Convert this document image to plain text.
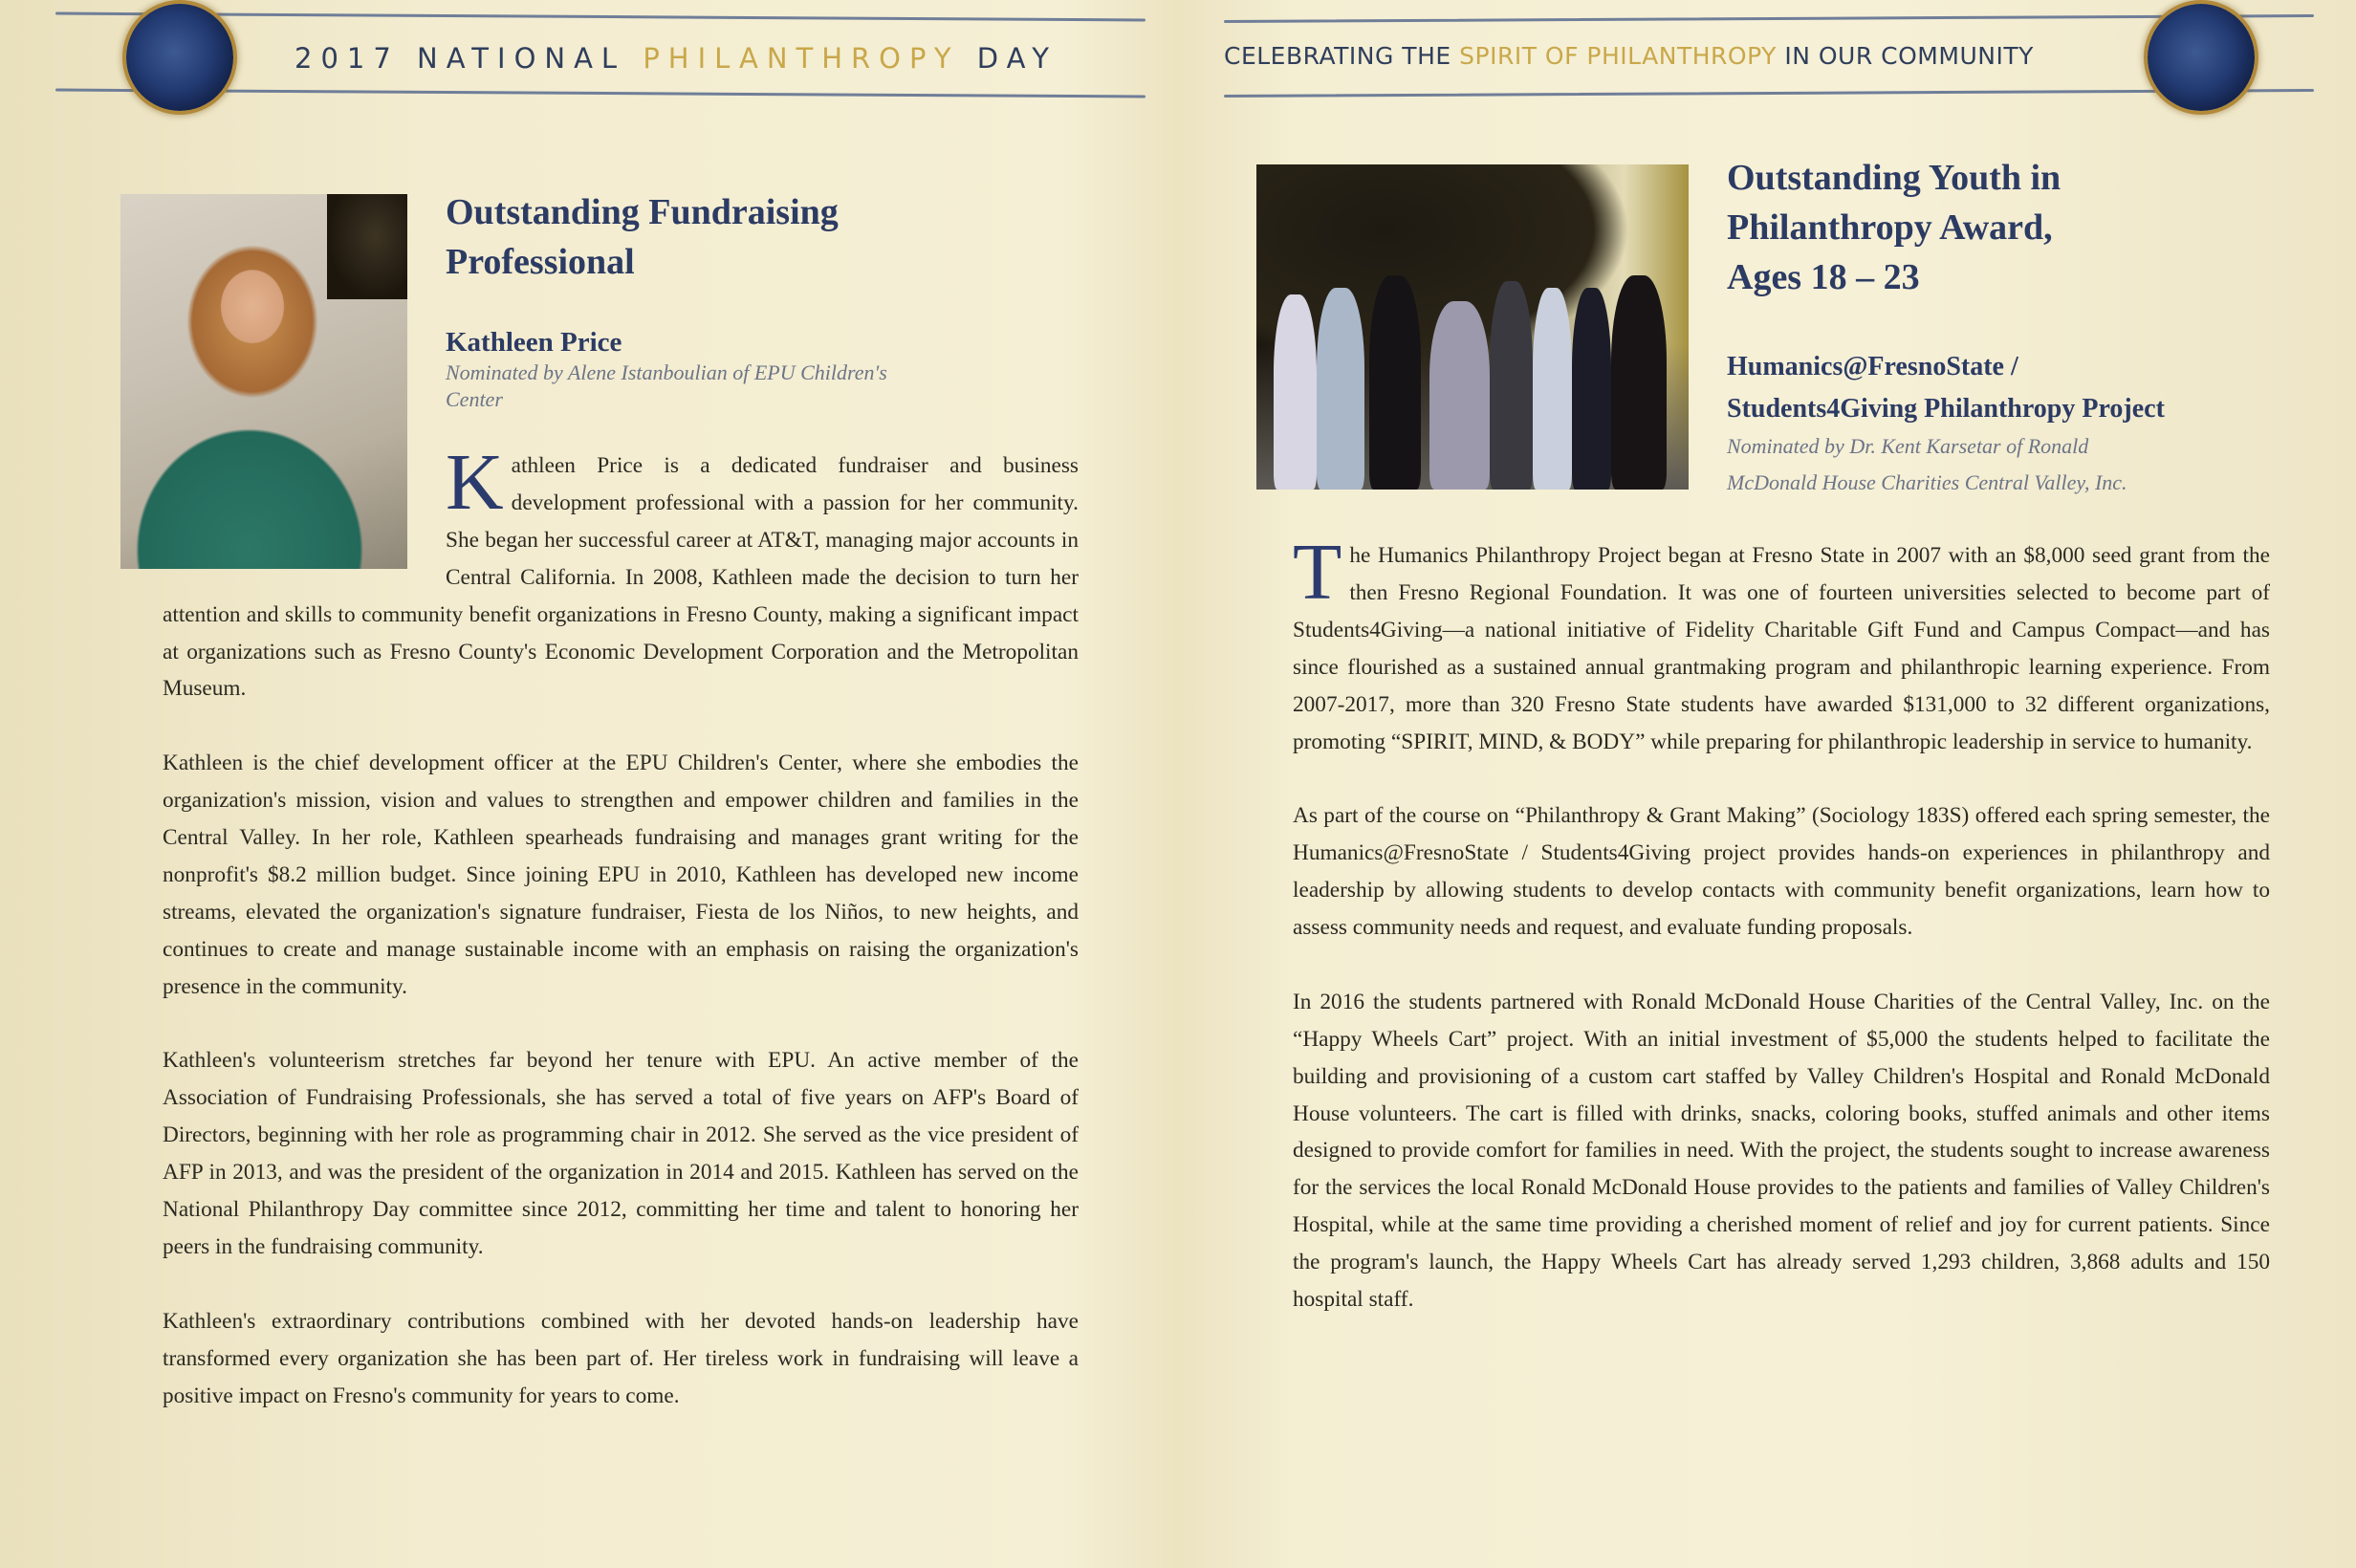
2017 NATIONAL PHILANTHROPY DAY
Outstanding Fundraising
Professional
Kathleen Price
Nominated by Alene Istanboulian of EPU Children's
Center

Kathleen Price is a dedicated fundraiser and business development professional with a passion for her community. She began her successful career at AT&T, managing major accounts in Central California. In 2008, Kathleen made the decision to turn her attention and skills to community benefit organizations in Fresno County, making a significant impact at organizations such as Fresno County's Economic Development Corporation and the Metropolitan Museum.

Kathleen is the chief development officer at the EPU Children's Center, where she embodies the organization's mission, vision and values to strengthen and empower children and families in the Central Valley. In her role, Kathleen spearheads fundraising and manages grant writing for the nonprofit's $8.2 million budget. Since joining EPU in 2010, Kathleen has developed new income streams, elevated the organization's signature fundraiser, Fiesta de los Niños, to new heights, and continues to create and manage sustainable income with an emphasis on raising the organization's presence in the community.

Kathleen's volunteerism stretches far beyond her tenure with EPU. An active member of the Association of Fundraising Professionals, she has served a total of five years on AFP's Board of Directors, beginning with her role as programming chair in 2012. She served as the vice president of AFP in 2013, and was the president of the organization in 2014 and 2015. Kathleen has served on the National Philanthropy Day committee since 2012, committing her time and talent to honoring her peers in the fundraising community.

Kathleen's extraordinary contributions combined with her devoted hands-on leadership have transformed every organization she has been part of. Her tireless work in fundraising will leave a positive impact on Fresno's community for years to come.

CELEBRATING THE SPIRIT OF PHILANTHROPY IN OUR COMMUNITY
Outstanding Youth in
Philanthropy Award,
Ages 18 – 23
Humanics@FresnoState /
Students4Giving Philanthropy Project
Nominated by Dr. Kent Karsetar of Ronald
McDonald House Charities Central Valley, Inc.

The Humanics Philanthropy Project began at Fresno State in 2007 with an $8,000 seed grant from the then Fresno Regional Foundation. It was one of fourteen universities selected to become part of Students4Giving—a national initiative of Fidelity Charitable Gift Fund and Campus Compact—and has since flourished as a sustained annual grantmaking program and philanthropic learning experience. From 2007-2017, more than 320 Fresno State students have awarded $131,000 to 32 different organizations, promoting “SPIRIT, MIND, & BODY” while preparing for philanthropic leadership in service to humanity.

As part of the course on “Philanthropy & Grant Making” (Sociology 183S) offered each spring semester, the Humanics@FresnoState / Students4Giving project provides hands-on experiences in philanthropy and leadership by allowing students to develop contacts with community benefit organizations, learn how to assess community needs and request, and evaluate funding proposals.

In 2016 the students partnered with Ronald McDonald House Charities of the Central Valley, Inc. on the “Happy Wheels Cart” project. With an initial investment of $5,000 the students helped to facilitate the building and provisioning of a custom cart staffed by Valley Children's Hospital and Ronald McDonald House volunteers. The cart is filled with drinks, snacks, coloring books, stuffed animals and other items designed to provide comfort for families in need. With the project, the students sought to increase awareness for the services the local Ronald McDonald House provides to the patients and families of Valley Children's Hospital, while at the same time providing a cherished moment of relief and joy for current patients. Since the program's launch, the Happy Wheels Cart has already served 1,293 children, 3,868 adults and 150 hospital staff.
